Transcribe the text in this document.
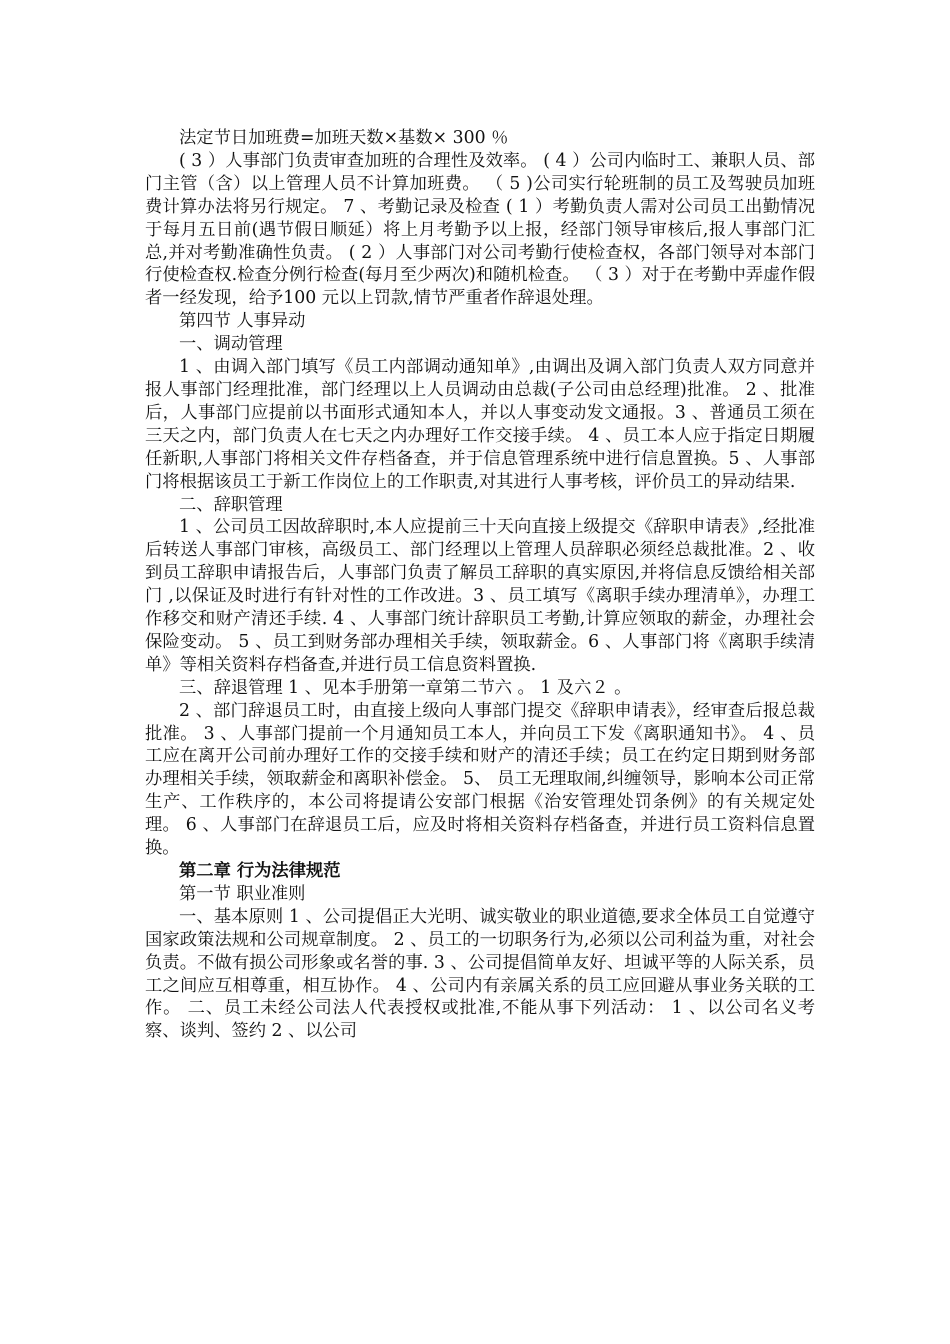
法定节日加班费=加班天数×基数× 300 ％

( 3 ）人事部门负责审查加班的合理性及效率。 ( 4 ）公司内临时工、兼职人员、部门主管（含）以上管理人员不计算加班费。 （ 5 )公司实行轮班制的员工及驾驶员加班费计算办法将另行规定。 7 、考勤记录及检查 ( 1 ）考勤负责人需对公司员工出勤情况于每月五日前(遇节假日顺延）将上月考勤予以上报，经部门领导审核后,报人事部门汇总,并对考勤准确性负责。 ( 2 ）人事部门对公司考勤行使检查权，各部门领导对本部门行使检查权.检查分例行检查(每月至少两次)和随机检查。 （ 3 ）对于在考勤中弄虚作假者一经发现，给予100 元以上罚款,情节严重者作辞退处理。

第四节 人事异动

一、调动管理

1 、由调入部门填写《员工内部调动通知单》,由调出及调入部门负责人双方同意并报人事部门经理批准，部门经理以上人员调动由总裁(子公司由总经理)批准。 2 、批准后，人事部门应提前以书面形式通知本人，并以人事变动发文通报。3 、普通员工须在三天之内，部门负责人在七天之内办理好工作交接手续。 4 、员工本人应于指定日期履任新职,人事部门将相关文件存档备查，并于信息管理系统中进行信息置换。5 、人事部门将根据该员工于新工作岗位上的工作职责,对其进行人事考核，评价员工的异动结果.

二、辞职管理

1 、公司员工因故辞职时,本人应提前三十天向直接上级提交《辞职申请表》,经批准后转送人事部门审核，高级员工、部门经理以上管理人员辞职必须经总裁批准。2 、收到员工辞职申请报告后，人事部门负责了解员工辞职的真实原因,并将信息反馈给相关部门 ,以保证及时进行有针对性的工作改进。3 、员工填写《离职手续办理清单》，办理工作移交和财产清还手续. 4 、人事部门统计辞职员工考勤,计算应领取的薪金，办理社会保险变动。 5 、员工到财务部办理相关手续，领取薪金。6 、人事部门将《离职手续清单》等相关资料存档备查,并进行员工信息资料置换.

三、辞退管理 1 、见本手册第一章第二节六 。 1 及六２ 。

2 、部门辞退员工时，由直接上级向人事部门提交《辞职申请表》，经审查后报总裁批准。 3 、人事部门提前一个月通知员工本人，并向员工下发《离职通知书》。 4 、员工应在离开公司前办理好工作的交接手续和财产的清还手续；员工在约定日期到财务部办理相关手续，领取薪金和离职补偿金。 5、 员工无理取闹,纠缠领导，影响本公司正常生产、工作秩序的，本公司将提请公安部门根据《治安管理处罚条例》的有关规定处理。 6 、人事部门在辞退员工后，应及时将相关资料存档备查，并进行员工资料信息置换。

第二章 行为法律规范

第一节 职业准则

一、基本原则 1 、公司提倡正大光明、诚实敬业的职业道德,要求全体员工自觉遵守国家政策法规和公司规章制度。 2 、员工的一切职务行为,必须以公司利益为重，对社会负责。不做有损公司形象或名誉的事. 3 、公司提倡简单友好、坦诚平等的人际关系，员工之间应互相尊重，相互协作。 4 、公司内有亲属关系的员工应回避从事业务关联的工作。 二、员工未经公司法人代表授权或批准,不能从事下列活动： 1 、以公司名义考察、谈判、签约 2 、以公司
